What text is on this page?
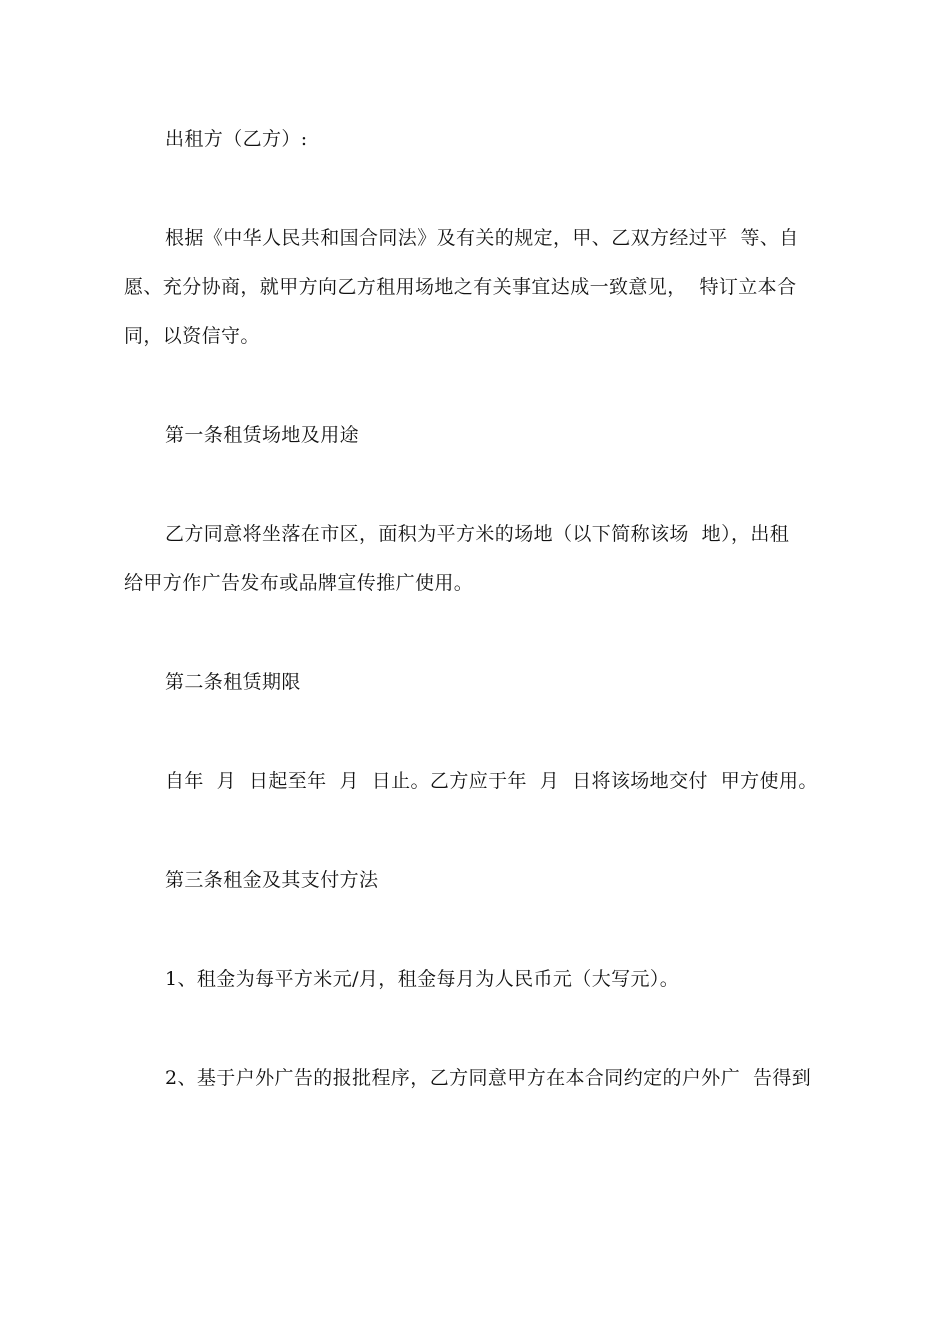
出租方（乙方）:
根据《中华人民共和国合同法》及有关的规定，甲、乙双方经过平  等、自
愿、充分协商，就甲方向乙方租用场地之有关事宜达成一致意见，  特订立本合
同，以资信守。
第一条租赁场地及用途
乙方同意将坐落在市区，面积为平方米的场地（以下简称该场  地），出租
给甲方作广告发布或品牌宣传推广使用。
第二条租赁期限
自年  月  日起至年  月  日止。乙方应于年  月  日将该场地交付  甲方使用。
第三条租金及其支付方法
1、租金为每平方米元/月，租金每月为人民币元（大写元）。
2、基于户外广告的报批程序，乙方同意甲方在本合同约定的户外广  告得到
